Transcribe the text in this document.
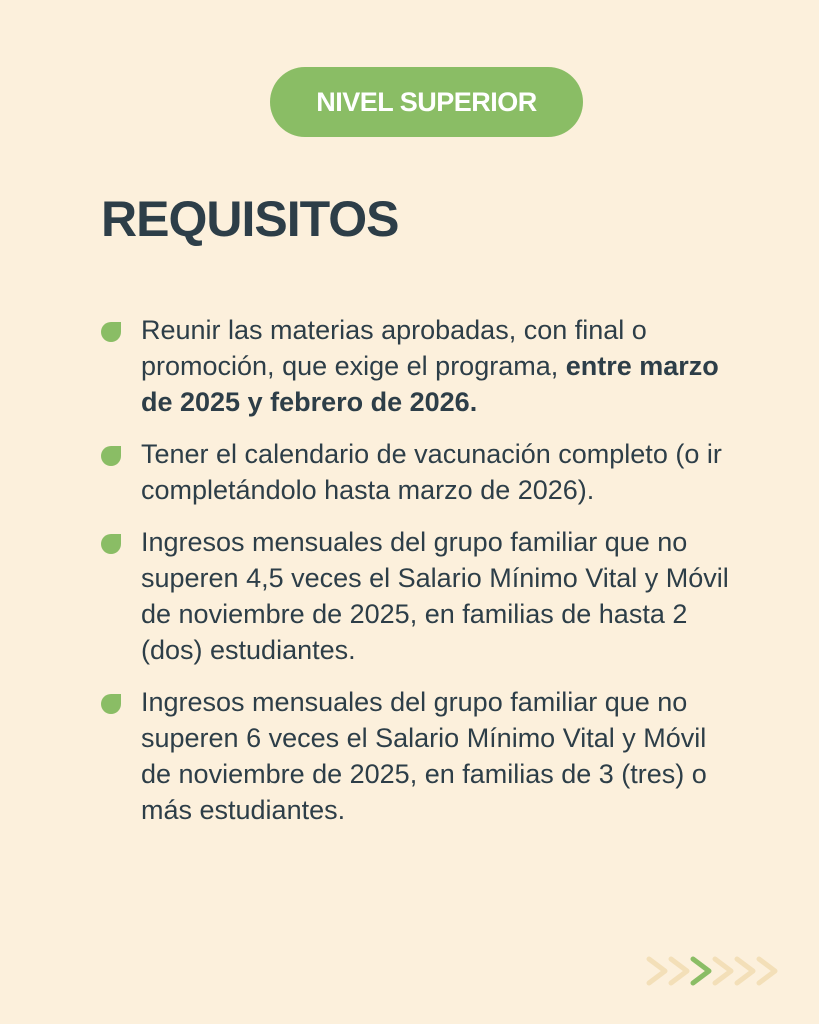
NIVEL SUPERIOR
REQUISITOS
Reunir las materias aprobadas, con final o promoción, que exige el programa, entre marzo de 2025 y febrero de 2026.
Tener el calendario de vacunación completo (o ir completándolo hasta marzo de 2026).
Ingresos mensuales del grupo familiar que no superen 4,5 veces el Salario Mínimo Vital y Móvil de noviembre de 2025, en familias de hasta 2 (dos) estudiantes.
Ingresos mensuales del grupo familiar que no superen 6 veces el Salario Mínimo Vital y Móvil de noviembre de 2025, en familias de 3 (tres) o más estudiantes.
